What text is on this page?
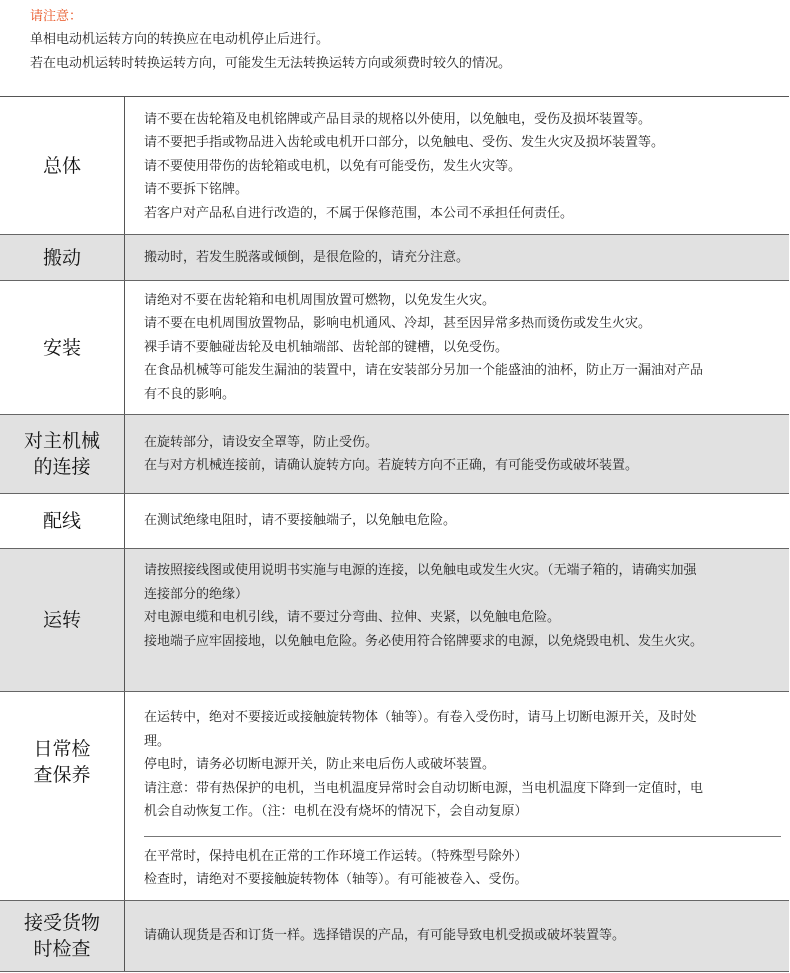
请注意：
单相电动机运转方向的转换应在电动机停止后进行。
若在电动机运转时转换运转方向，可能发生无法转换运转方向或须费时较久的情况。
总体

请不要在齿轮箱及电机铭牌或产品目录的规格以外使用，以免触电，受伤及损坏装置等。

请不要把手指或物品进入齿轮或电机开口部分，以免触电、受伤、发生火灾及损坏装置等。

请不要使用带伤的齿轮箱或电机，以免有可能受伤，发生火灾等。

请不要拆下铭牌。

若客户对产品私自进行改造的，不属于保修范围，本公司不承担任何责任。

搬动	搬动时，若发生脱落或倾倒，是很危险的，请充分注意。

安装

请绝对不要在齿轮箱和电机周围放置可燃物，以免发生火灾。

请不要在电机周围放置物品，影响电机通风、冷却，甚至因异常多热而烫伤或发生火灾。

裸手请不要触碰齿轮及电机轴端部、齿轮部的键槽，以免受伤。

在食品机械等可能发生漏油的装置中，请在安装部分另加一个能盛油的油杯，防止万一漏油对产品

有不良的影响。

对主机械
的连接

在旋转部分，请设安全罩等，防止受伤。

在与对方机械连接前，请确认旋转方向。若旋转方向不正确，有可能受伤或破坏装置。

配线	在测试绝缘电阻时，请不要接触端子，以免触电危险。

运转

请按照接线图或使用说明书实施与电源的连接，以免触电或发生火灾。（无端子箱的，请确实加强

连接部分的绝缘）

对电源电缆和电机引线，请不要过分弯曲、拉伸、夹紧，以免触电危险。

接地端子应牢固接地，以免触电危险。务必使用符合铭牌要求的电源，以免烧毁电机、发生火灾。

日常检
查保养

在运转中，绝对不要接近或接触旋转物体（轴等）。有卷入受伤时，请马上切断电源开关，及时处

理。

停电时，请务必切断电源开关，防止来电后伤人或破坏装置。

请注意：带有热保护的电机，当电机温度异常时会自动切断电源，当电机温度下降到一定值时，电

机会自动恢复工作。（注：电机在没有烧坏的情况下，会自动复原）

在平常时，保持电机在正常的工作环境工作运转。（特殊型号除外）

检查时，请绝对不要接触旋转物体（轴等）。有可能被卷入、受伤。

接受货物
时检查

请确认现货是否和订货一样。选择错误的产品，有可能导致电机受损或破坏装置等。
